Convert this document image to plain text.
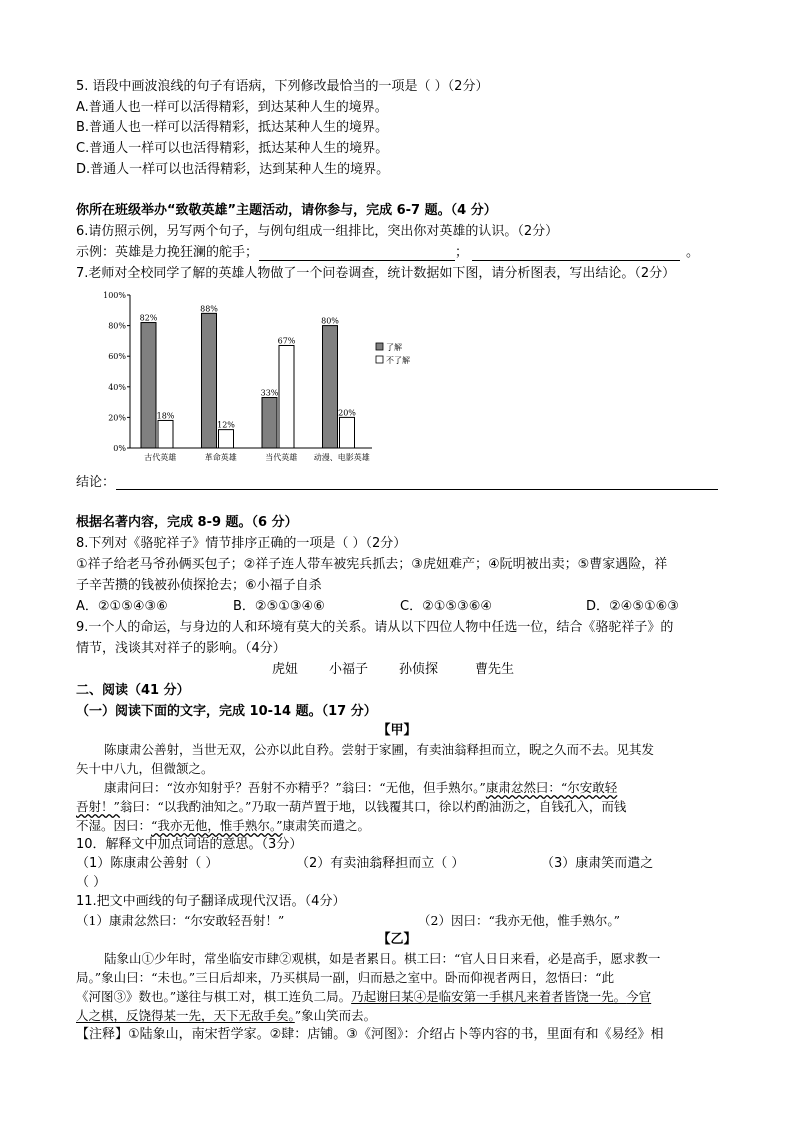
5. 语段中画波浪线的句子有语病，下列修改最恰当的一项是（ ）（2分）
A.普通人也一样可以活得精彩，到达某种人生的境界。
B.普通人也一样可以活得精彩，抵达某种人生的境界。
C.普通人一样可以也活得精彩，抵达某种人生的境界。
D.普通人一样可以也活得精彩，达到某种人生的境界。
你所在班级举办“致敬英雄”主题活动，请你参与，完成 6-7 题。（4 分）
6.请仿照示例，另写两个句子，与例句组成一组排比，突出你对英雄的认识。（2分）
示例：英雄是力挽狂澜的舵手；	；	。
7.老师对全校同学了解的英雄人物做了一个问卷调查，统计数据如下图，请分析图表，写出结论。（2分）
0%
20%
40%
60%
80%
100%
82%
18%
古代英雄
88%
12%
革命英雄
33%
67%
当代英雄
80%
20%
动漫、电影英雄
了解
不了解
结论：
根据名著内容，完成 8-9 题。（6 分）
8.下列对《骆驼祥子》情节排序正确的一项是（ ）（2分）
①祥子给老马爷孙俩买包子；②祥子连人带车被宪兵抓去；③虎妞难产；④阮明被出卖；⑤曹家遇险，祥
子辛苦攒的钱被孙侦探抢去；⑥小福子自杀
A．②①⑤④③⑥	B．②⑤①③④⑥	C．②①⑤③⑥④	D．②④⑤①⑥③
9.一个人的命运，与身边的人和环境有莫大的关系。请从以下四位人物中任选一位，结合《骆驼祥子》的
情节，浅谈其对祥子的影响。（4分）
虎妞 小福子 孙侦探	曹先生
二、阅读（41 分）
（一）阅读下面的文字，完成 10-14 题。（17 分）
【甲】
陈康肃公善射，当世无双，公亦以此自矜。尝射于家圃，有卖油翁释担而立，睨之久而不去。见其发
矢十中八九，但微颔之。
康肃问曰：“汝亦知射乎？吾射不亦精乎？”翁曰：“无他，但手熟尔。”康肃忿然曰：“尔安敢轻
吾射！”翁曰：“以我酌油知之。”乃取一葫芦置于地，以钱覆其口，徐以杓酌油沥之，自钱孔入，而钱
不湿。因曰：“我亦无他，惟手熟尔。”康肃笑而遣之。
10．解释文中加点词语的意思。（3分）
（1）陈康肃公善射（ ）	（2）有卖油翁释担而立（ ）	（3）康肃笑而遣之
（ ）
11.把文中画线的句子翻译成现代汉语。（4分）
（1）康肃忿然曰：“尔安敢轻吾射！”	（2）因曰：“我亦无他，惟手熟尔。”
【乙】
陆象山①少年时，常坐临安市肆②观棋，如是者累日。棋工曰：“官人日日来看，必是高手，愿求教一
局。”象山曰：“未也。”三日后却来，乃买棋局一副，归而悬之室中。卧而仰视者两日，忽悟曰：“此
《河图③》数也。”遂往与棋工对，棋工连负二局。乃起谢曰某④是临安第一手棋凡来着者皆饶一先。今官
人之棋，反饶得某一先，天下无敌手矣。”象山笑而去。
【注释】①陆象山，南宋哲学家。②肆：店铺。③《河图》：介绍占卜等内容的书，里面有和《易经》相
